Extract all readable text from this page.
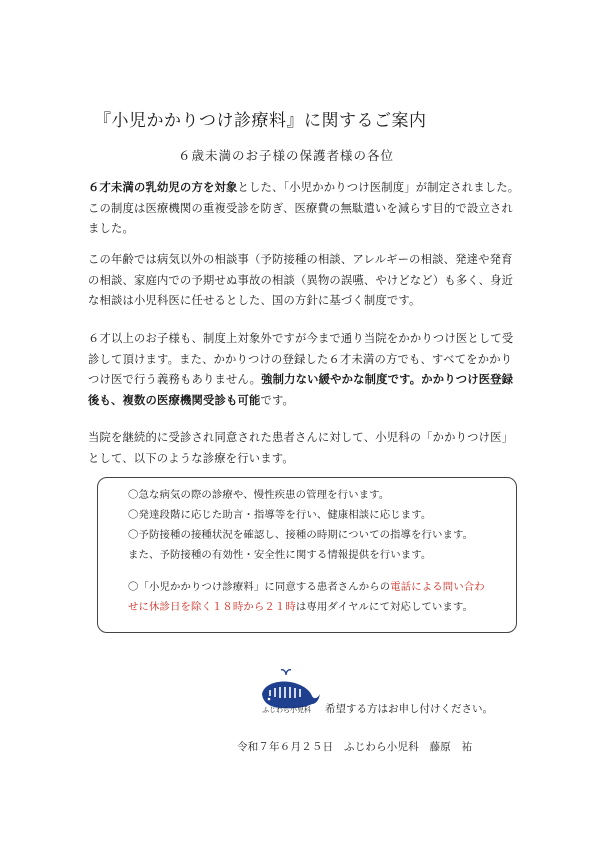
『小児かかりつけ診療料』に関するご案内
６歳未満のお子様の保護者様の各位

６才未満の乳幼児の方を対象とした、「小児かかりつけ医制度」が制定されました。この制度は医療機関の重複受診を防ぎ、医療費の無駄遣いを減らす目的で設立されました。

この年齢では病気以外の相談事（予防接種の相談、アレルギーの相談、発達や発育の相談、家庭内での予期せぬ事故の相談（異物の誤嚥、やけどなど）も多く、身近な相談は小児科医に任せるとした、国の方針に基づく制度です。

６才以上のお子様も、制度上対象外ですが今まで通り当院をかかりつけ医として受診して頂けます。また、かかりつけの登録した６才未満の方でも、すべてをかかりつけ医で行う義務もありません。強制力ない緩やかな制度です。かかりつけ医登録後も、複数の医療機関受診も可能です。

当院を継続的に受診され同意された患者さんに対して、小児科の「かかりつけ医」として、以下のような診療を行います。

〇急な病気の際の診療や、慢性疾患の管理を行います。
〇発達段階に応じた助言・指導等を行い、健康相談に応じます。
〇予防接種の接種状況を確認し、接種の時期についての指導を行います。
また、予防接種の有効性・安全性に関する情報提供を行います。
〇「小児かかりつけ診療料」に同意する患者さんからの電話による問い合わ
せに休診日を除く１８時から２１時は専用ダイヤルにて対応しています。
ふじわら小児科 希望する方はお申し付けください。
令和７年６月２５日　ふじわら小児科　藤原　祐
